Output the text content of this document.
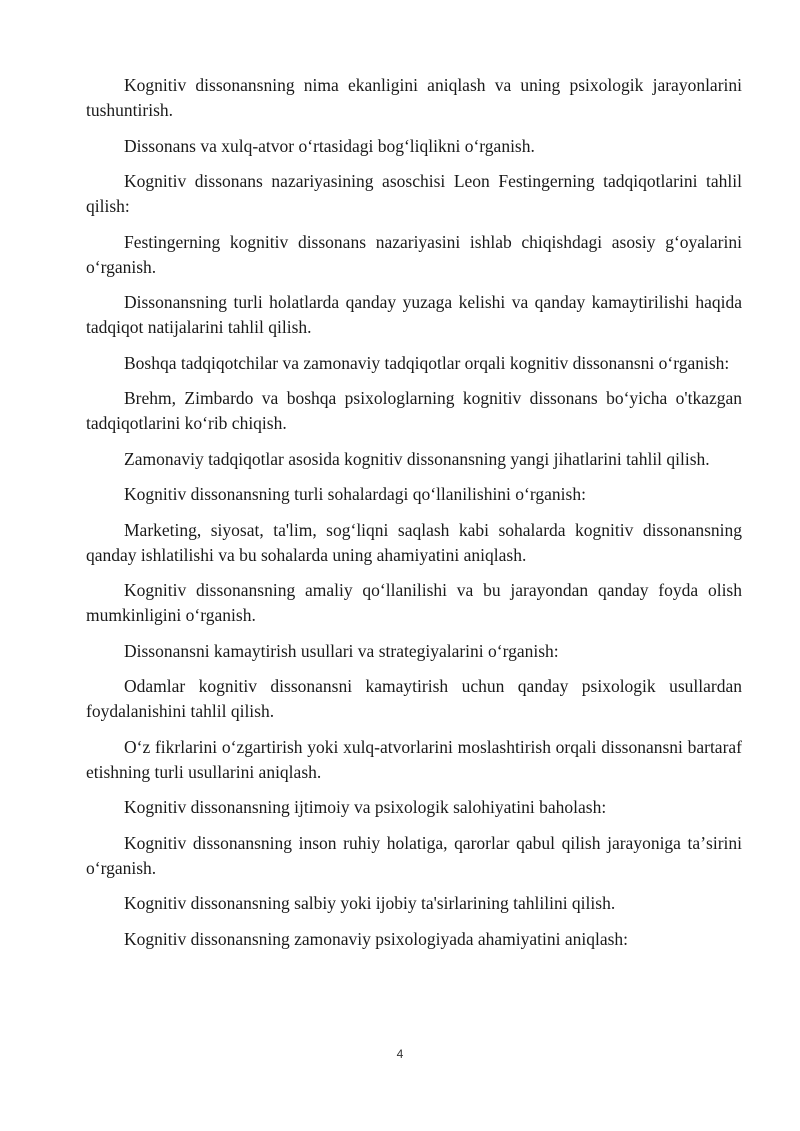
Kognitiv dissonansning nima ekanligini aniqlash va uning psixologik jarayonlarini tushuntirish.

Dissonans va xulq-atvor oʻrtasidagi bogʻliqlikni oʻrganish.

Kognitiv dissonans nazariyasining asoschisi Leon Festingerning tadqiqotlarini tahlil qilish:

Festingerning kognitiv dissonans nazariyasini ishlab chiqishdagi asosiy gʻoyalarini oʻrganish.

Dissonansning turli holatlarda qanday yuzaga kelishi va qanday kamaytirilishi haqida tadqiqot natijalarini tahlil qilish.

Boshqa tadqiqotchilar va zamonaviy tadqiqotlar orqali kognitiv dissonansni oʻrganish:

Brehm, Zimbardo va boshqa psixologlarning kognitiv dissonans boʻyicha o'tkazgan tadqiqotlarini koʻrib chiqish.

Zamonaviy tadqiqotlar asosida kognitiv dissonansning yangi jihatlarini tahlil qilish.

Kognitiv dissonansning turli sohalardagi qoʻllanilishini oʻrganish:

Marketing, siyosat, ta'lim, sogʻliqni saqlash kabi sohalarda kognitiv dissonansning qanday ishlatilishi va bu sohalarda uning ahamiyatini aniqlash.

Kognitiv dissonansning amaliy qoʻllanilishi va bu jarayondan qanday foyda olish mumkinligini oʻrganish.

Dissonansni kamaytirish usullari va strategiyalarini oʻrganish:

Odamlar kognitiv dissonansni kamaytirish uchun qanday psixologik usullardan foydalanishini tahlil qilish.

Oʻz fikrlarini oʻzgartirish yoki xulq-atvorlarini moslashtirish orqali dissonansni bartaraf etishning turli usullarini aniqlash.

Kognitiv dissonansning ijtimoiy va psixologik salohiyatini baholash:

Kognitiv dissonansning inson ruhiy holatiga, qarorlar qabul qilish jarayoniga taʼsirini oʻrganish.

Kognitiv dissonansning salbiy yoki ijobiy ta'sirlarining tahlilini qilish.

Kognitiv dissonansning zamonaviy psixologiyada ahamiyatini aniqlash:

4
